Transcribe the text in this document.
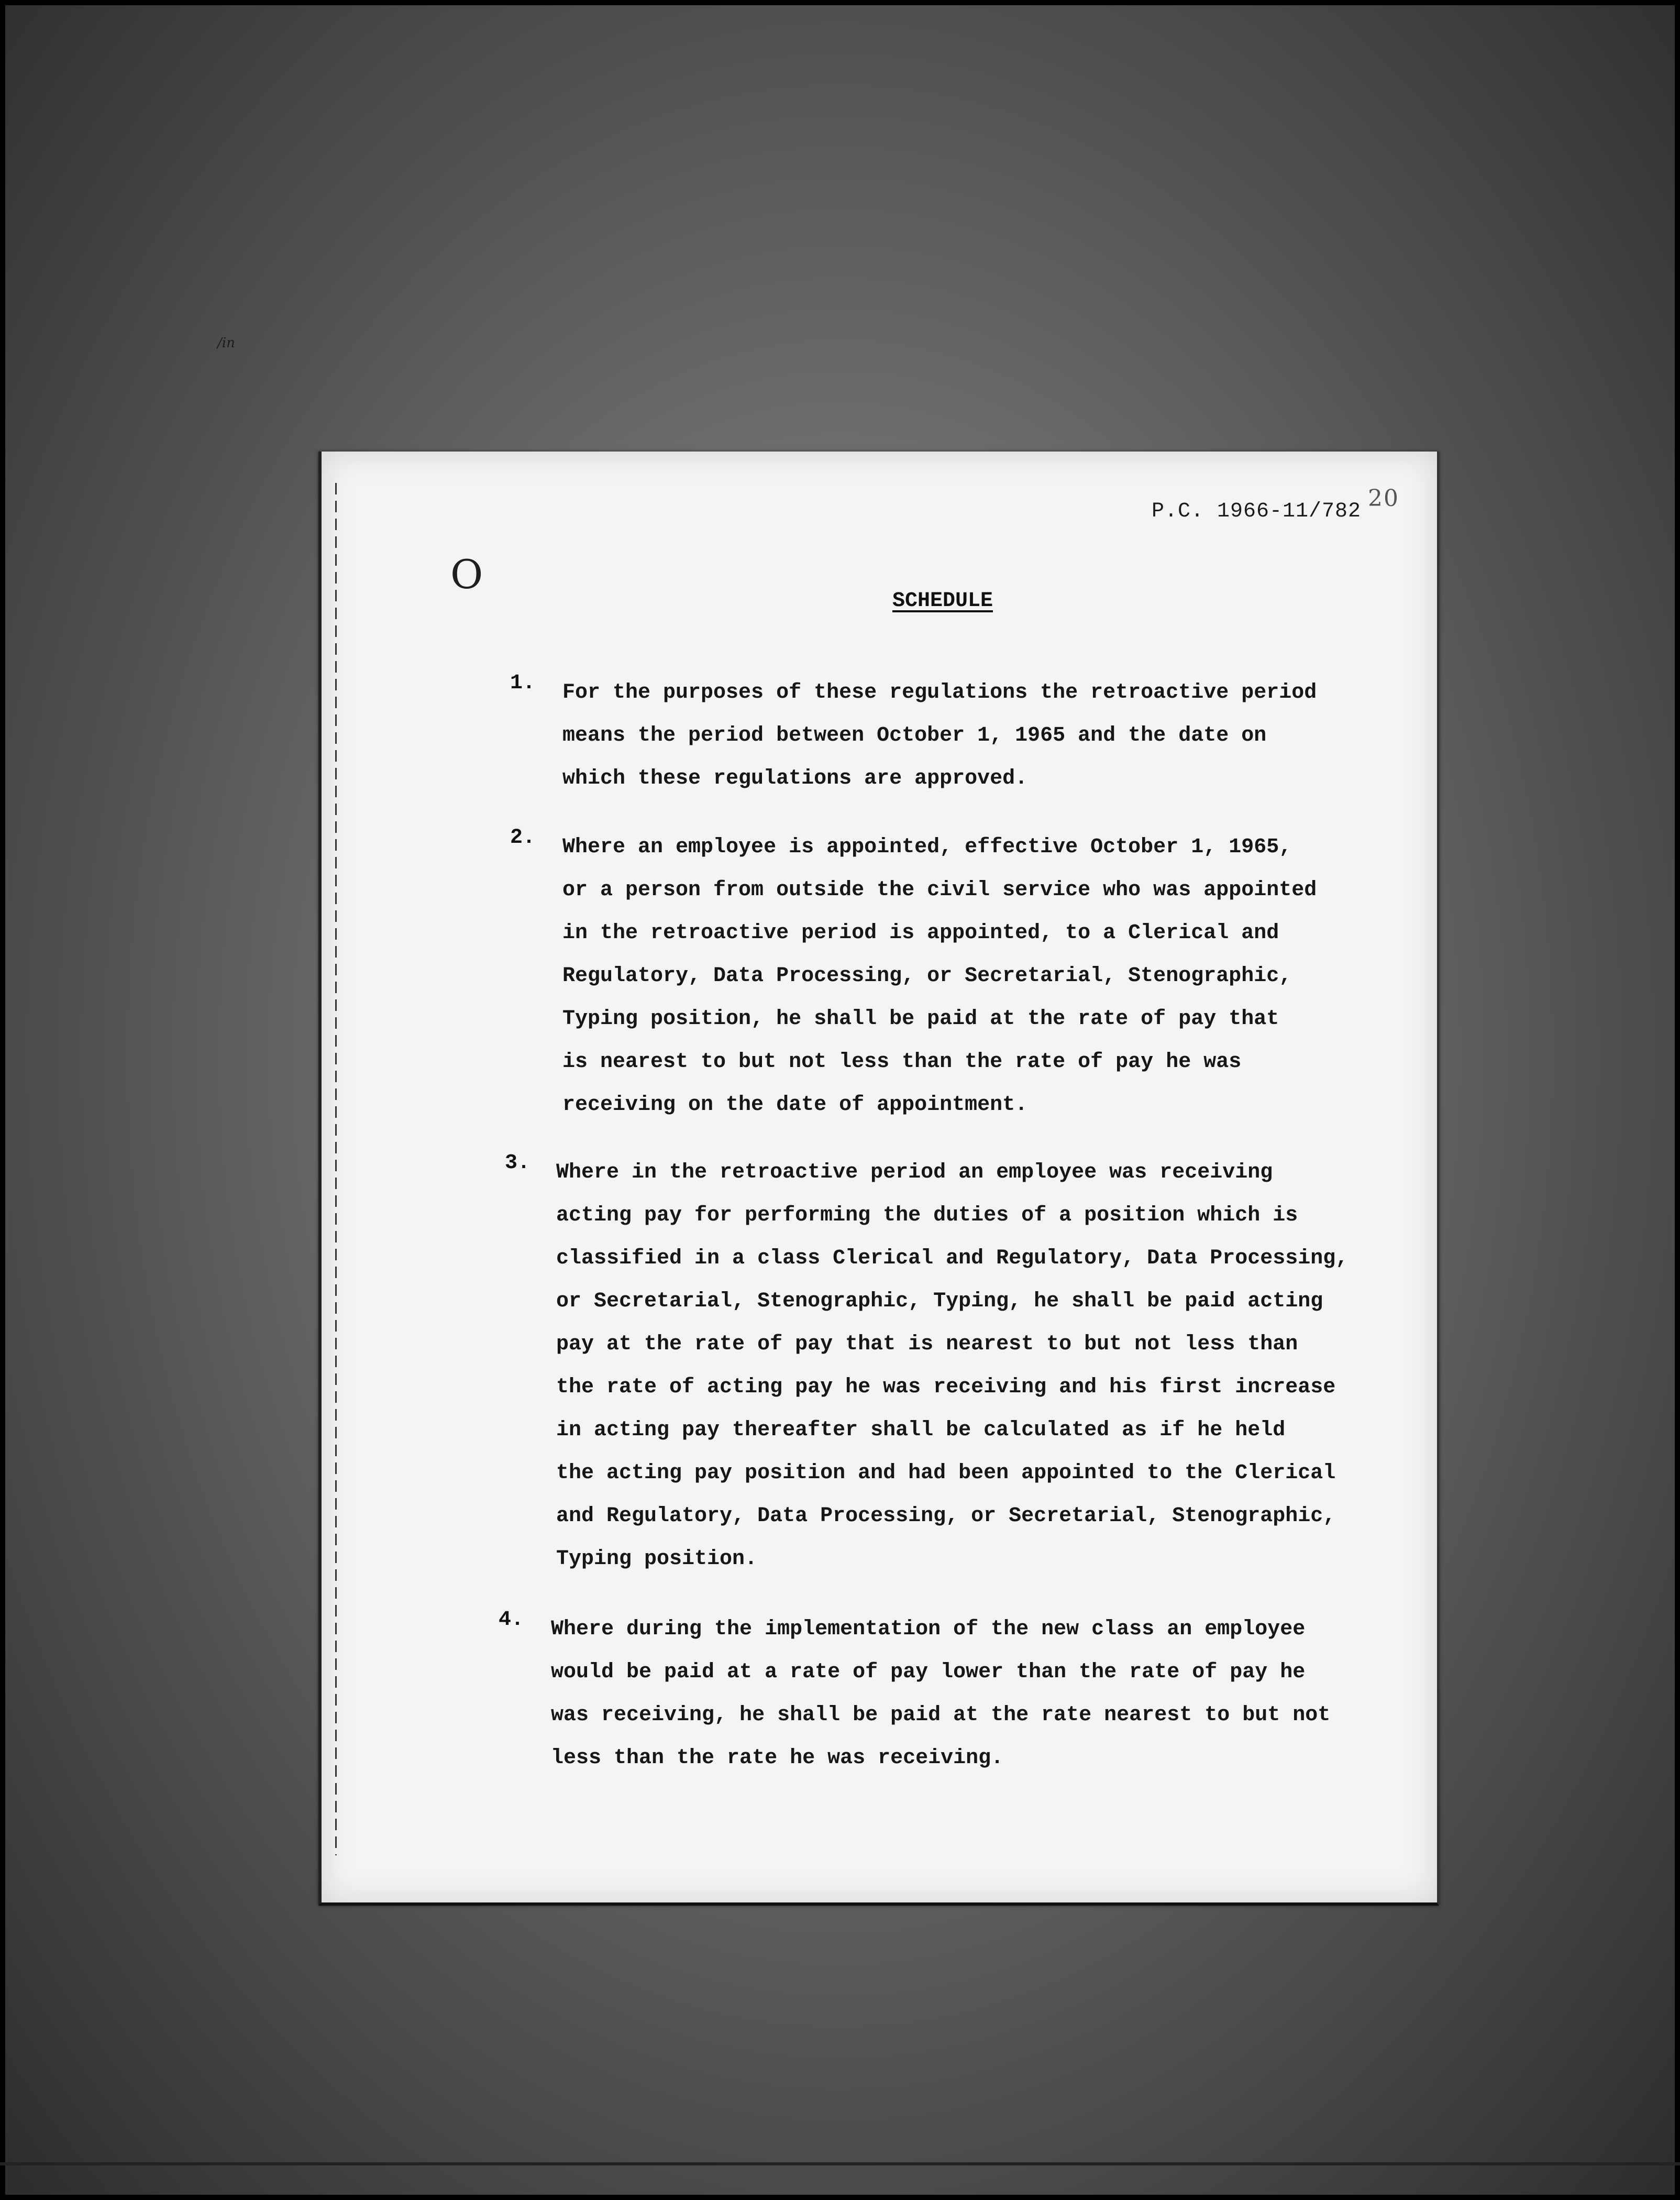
/in
20
P.C. 1966-11/782
O
SCHEDULE
1. For the purposes of these regulations the retroactive period
means the period between October 1, 1965 and the date on
which these regulations are approved.

2. Where an employee is appointed, effective October 1, 1965,
or a person from outside the civil service who was appointed
in the retroactive period is appointed, to a Clerical and
Regulatory, Data Processing, or Secretarial, Stenographic,
Typing position, he shall be paid at the rate of pay that
is nearest to but not less than the rate of pay he was
receiving on the date of appointment.

3. Where in the retroactive period an employee was receiving
acting pay for performing the duties of a position which is
classified in a class Clerical and Regulatory, Data Processing,
or Secretarial, Stenographic, Typing, he shall be paid acting
pay at the rate of pay that is nearest to but not less than
the rate of acting pay he was receiving and his first increase
in acting pay thereafter shall be calculated as if he held
the acting pay position and had been appointed to the Clerical
and Regulatory, Data Processing, or Secretarial, Stenographic,
Typing position.

4. Where during the implementation of the new class an employee
would be paid at a rate of pay lower than the rate of pay he
was receiving, he shall be paid at the rate nearest to but not
less than the rate he was receiving.
